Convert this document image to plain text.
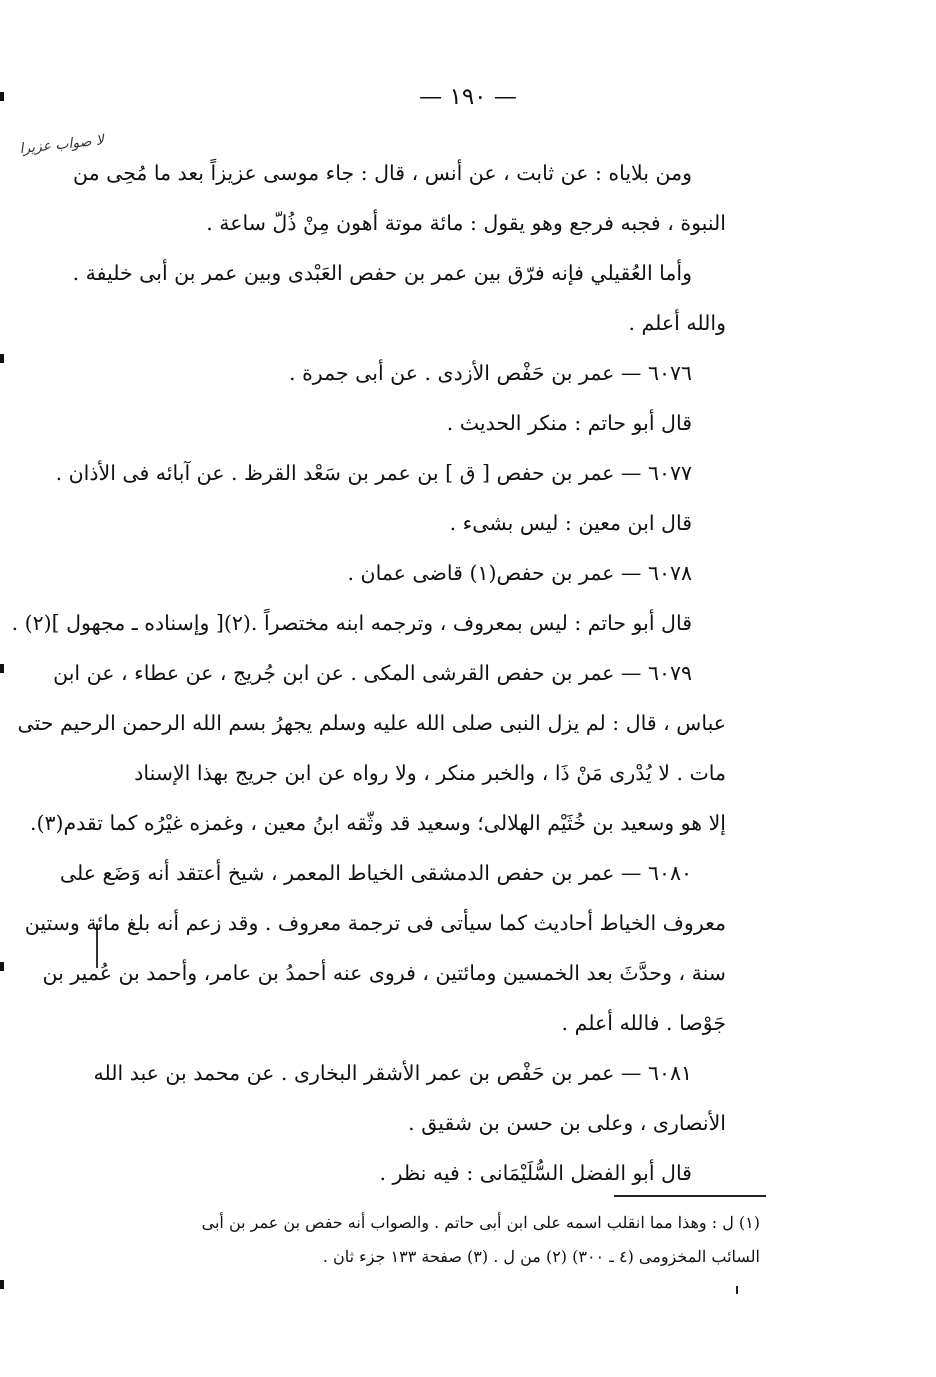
— ١٩٠ —
لا صواب عزيرا
ومن بلاياه : عن ثابت ، عن أنس ، قال : جاء موسى عزيزاً بعد ما مُحِى من
النبوة ، فجبه فرجع وهو يقول : مائة موتة أهون مِنْ ذُلّ ساعة .
وأما العُقيلي فإنه فرّق بين عمر بن حفص العَبْدى وبين عمر بن أبى خليفة .
والله أعلم .
٦٠٧٦ — عمر بن حَفْص الأزدى . عن أبى جمرة .
قال أبو حاتم : منكر الحديث .
٦٠٧٧ — عمر بن حفص [ ق ] بن عمر بن سَعْد القرظ . عن آبائه فى الأذان .
قال ابن معين : ليس بشىء .
٦٠٧٨ — عمر بن حفص(١) قاضى عمان .
قال أبو حاتم : ليس بمعروف ، وترجمه ابنه مختصراً .(٢)[ وإسناده ـ مجهول ](٢) .
٦٠٧٩ — عمر بن حفص القرشى المكى . عن ابن جُريج ، عن عطاء ، عن ابن
عباس ، قال : لم يزل النبى صلى الله عليه وسلم يجهرُ بسم الله الرحمن الرحيم حتى
مات . لا يُدْرى مَنْ ذَا ، والخبر منكر ، ولا رواه عن ابن جريج بهذا الإسناد
إلا هو وسعيد بن خُثَيْم الهلالى؛ وسعيد قد وثّقه ابنُ معين ، وغمزه غيْرُه كما تقدم(٣).
٦٠٨٠ — عمر بن حفص الدمشقى الخياط المعمر ، شيخ أعتقد أنه وَضَع على
معروف الخياط أحاديث كما سيأتى فى ترجمة معروف . وقد زعم أنه بلغ مائة وستين
سنة ، وحدَّثَ بعد الخمسين ومائتين ، فروى عنه أحمدُ بن عامر، وأحمد بن عُمير بن
جَوْصا . فالله أعلم .
٦٠٨١ — عمر بن حَفْص بن عمر الأشقر البخارى . عن محمد بن عبد الله
الأنصارى ، وعلى بن حسن بن شقيق .
قال أبو الفضل السُّلَيْمَانى : فيه نظر .
(١) ل : وهذا مما انقلب اسمه على ابن أبى حاتم . والصواب أنه حفص بن عمر بن أبى
السائب المخزومى (٤ ـ ٣٠٠) (٢) من ل . (٣) صفحة ١٣٣ جزء ثان .
